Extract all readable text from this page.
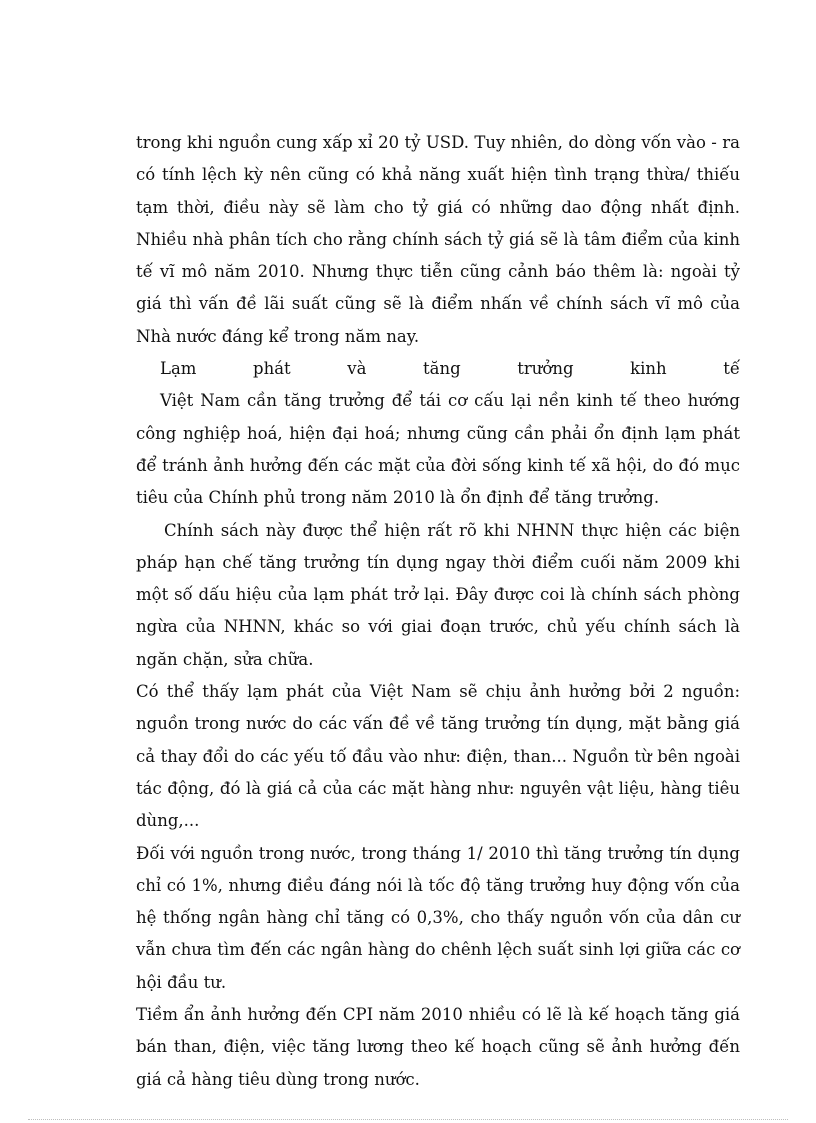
trong khi nguồn cung xấp xỉ 20 tỷ USD. Tuy nhiên, do dòng vốn vào - ra có tính lệch kỳ nên cũng có khả năng xuất hiện tình trạng thừa/ thiếu tạm thời, điều này sẽ làm cho tỷ giá có những dao động nhất định. Nhiều nhà phân tích cho rằng chính sách tỷ giá sẽ là tâm điểm của kinh tế vĩ mô năm 2010. Nhưng thực tiễn cũng cảnh báo thêm là: ngoài tỷ giá thì vấn đề lãi suất cũng sẽ là điểm nhấn về chính sách vĩ mô của Nhà nước đáng kể trong năm nay.

Lạm phát và tăng trưởng kinh tế

Việt Nam cần tăng trưởng để tái cơ cấu lại nền kinh tế theo hướng công nghiệp hoá, hiện đại hoá; nhưng cũng cần phải ổn định lạm phát để tránh ảnh hưởng đến các mặt của đời sống kinh tế xã hội, do đó mục tiêu của Chính phủ trong năm 2010 là ổn định để tăng trưởng.

Chính sách này được thể hiện rất rõ khi NHNN thực hiện các biện pháp hạn chế tăng trưởng tín dụng ngay thời điểm cuối năm 2009 khi một số dấu hiệu của lạm phát trở lại. Đây được coi là chính sách phòng ngừa của NHNN, khác so với giai đoạn trước, chủ yếu chính sách là ngăn chặn, sửa chữa.

Có thể thấy lạm phát của Việt Nam sẽ chịu ảnh hưởng bởi 2 nguồn: nguồn trong nước do các vấn đề về tăng trưởng tín dụng, mặt bằng giá cả thay đổi do các yếu tố đầu vào như: điện, than... Nguồn từ bên ngoài tác động, đó là giá cả của các mặt hàng như: nguyên vật liệu, hàng tiêu dùng,...

Đối với nguồn trong nước, trong tháng 1/ 2010 thì tăng trưởng tín dụng chỉ có 1%, nhưng điều đáng nói là tốc độ tăng trưởng huy động vốn của hệ thống ngân hàng chỉ tăng có 0,3%, cho thấy nguồn vốn của dân cư vẫn chưa tìm đến các ngân hàng do chênh lệch suất sinh lợi giữa các cơ hội đầu tư.

Tiềm ẩn ảnh hưởng đến CPI năm 2010 nhiều có lẽ là kế hoạch tăng giá bán than, điện, việc tăng lương theo kế hoạch cũng sẽ ảnh hưởng đến giá cả hàng tiêu dùng trong nước.
